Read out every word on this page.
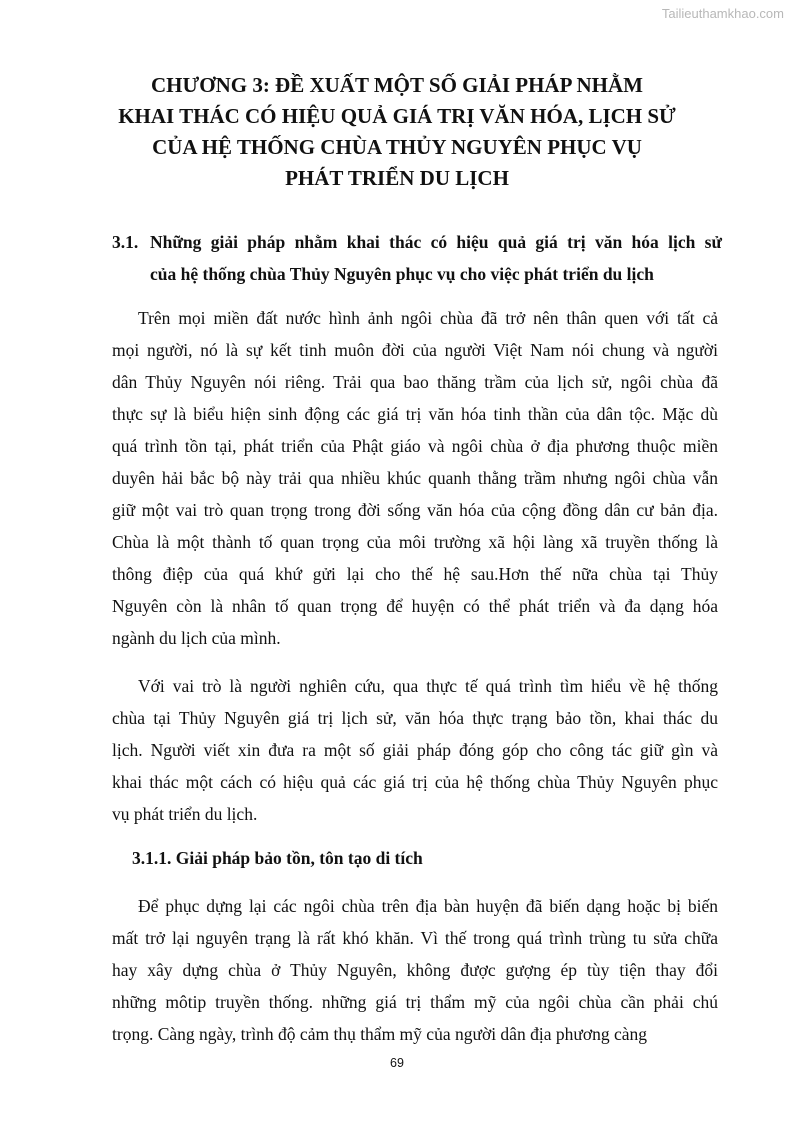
Tailieuthamkhao.com
CHƯƠNG 3: ĐỀ XUẤT MỘT SỐ GIẢI PHÁP NHẰM
KHAI THÁC CÓ HIỆU QUẢ GIÁ TRỊ VĂN HÓA, LỊCH SỬ
CỦA HỆ THỐNG CHÙA THỦY NGUYÊN PHỤC VỤ
PHÁT TRIỂN DU LỊCH
3.1. Những giải pháp nhằm khai thác có hiệu quả giá trị văn hóa lịch sử
của hệ thống chùa Thủy Nguyên phục vụ cho việc phát triển du lịch
Trên mọi miền đất nước hình ảnh ngôi chùa đã trở nên thân quen với tất cả
mọi người, nó là sự kết tinh muôn đời của người Việt Nam nói chung và người
dân Thủy Nguyên nói riêng. Trải qua bao thăng trầm của lịch sử, ngôi chùa đã
thực sự là biểu hiện sinh động các giá trị văn hóa tinh thần của dân tộc. Mặc dù
quá trình tồn tại, phát triển của Phật giáo và ngôi chùa ở địa phương thuộc miền
duyên hải bắc bộ này trải qua nhiều khúc quanh thằng trầm nhưng ngôi chùa vẫn
giữ một vai trò quan trọng trong đời sống văn hóa của cộng đồng dân cư bản địa.
Chùa là một thành tố quan trọng của môi trường xã hội làng xã truyền thống là
thông điệp của quá khứ gửi lại cho thế hệ sau.Hơn thế nữa chùa tại Thủy
Nguyên còn là nhân tố quan trọng để huyện có thể phát triển và đa dạng hóa
ngành du lịch của mình.
Với vai trò là người nghiên cứu, qua thực tế quá trình tìm hiểu về hệ thống
chùa tại Thủy Nguyên giá trị lịch sử, văn hóa thực trạng bảo tồn, khai thác du
lịch. Người viết xin đưa ra một số giải pháp đóng góp cho công tác giữ gìn và
khai thác một cách có hiệu quả các giá trị của hệ thống chùa Thủy Nguyên phục
vụ phát triển du lịch.
3.1.1. Giải pháp bảo tồn, tôn tạo di tích
Để phục dựng lại các ngôi chùa trên địa bàn huyện đã biến dạng hoặc bị biến
mất trở lại nguyên trạng là rất khó khăn. Vì thế trong quá trình trùng tu sửa chữa
hay xây dựng chùa ở Thủy Nguyên, không được gượng ép tùy tiện thay đổi
những môtip truyền thống. những giá trị thẩm mỹ của ngôi chùa cần phải chú
trọng. Càng ngày, trình độ cảm thụ thẩm mỹ của người dân địa phương càng
69
